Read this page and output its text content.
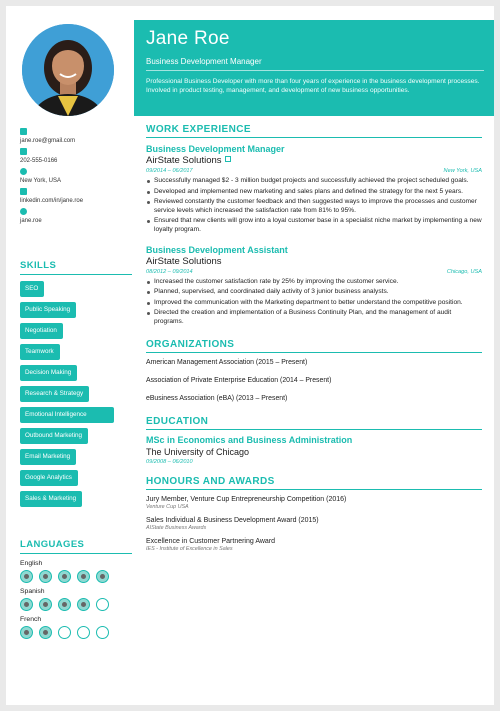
jane.roe@gmail.com
202-555-0166
New York, USA
linkedin.com/in/jane.roe
jane.roe
SKILLS
SEO
Public Speaking
Negotiation
Teamwork
Decision Making
Research & Strategy
Emotional Intelligence
Outbound Marketing
Email Marketing
Google Analytics
Sales & Marketing
LANGUAGES
English
Spanish
French
Jane Roe
Business Development Manager
Professional Business Developer with more than four years of experience in the business development processes. Involved in product testing, management, and development of new business opportunities.
WORK EXPERIENCE
Business Development Manager
AirState Solutions
09/2014 – 06/2017	New York, USA
Successfully managed $2 - 3 million budget projects and successfully achieved the project scheduled goals.
Developed and implemented new marketing and sales plans and defined the strategy for the next 5 years.
Reviewed constantly the customer feedback and then suggested ways to improve the processes and customer service levels which increased the satisfaction rate from 81% to 95%.
Ensured that new clients will grow into a loyal customer base in a specialist niche market by implementing a new loyalty program.
Business Development Assistant
AirState Solutions
08/2012 – 09/2014	Chicago, USA
Increased the customer satisfaction rate by 25% by improving the customer service.
Planned, supervised, and coordinated daily activity of 3 junior business analysts.
Improved the communication with the Marketing department to better understand the competitive position.
Directed the creation and implementation of a Business Continuity Plan, and the management of audit programs.
ORGANIZATIONS
American Management Association (2015 – Present)
Association of Private Enterprise Education (2014 – Present)
eBusiness Association (eBA) (2013 – Present)
EDUCATION
MSc in Economics and Business Administration
The University of Chicago
09/2008 – 06/2010
HONOURS AND AWARDS
Jury Member, Venture Cup Entrepreneurship Competition (2016)
Venture Cup USA
Sales Individual & Business Development Award (2015)
AIState Business Awards
Excellence in Customer Partnering Award
IES - Institute of Excellence in Sales
